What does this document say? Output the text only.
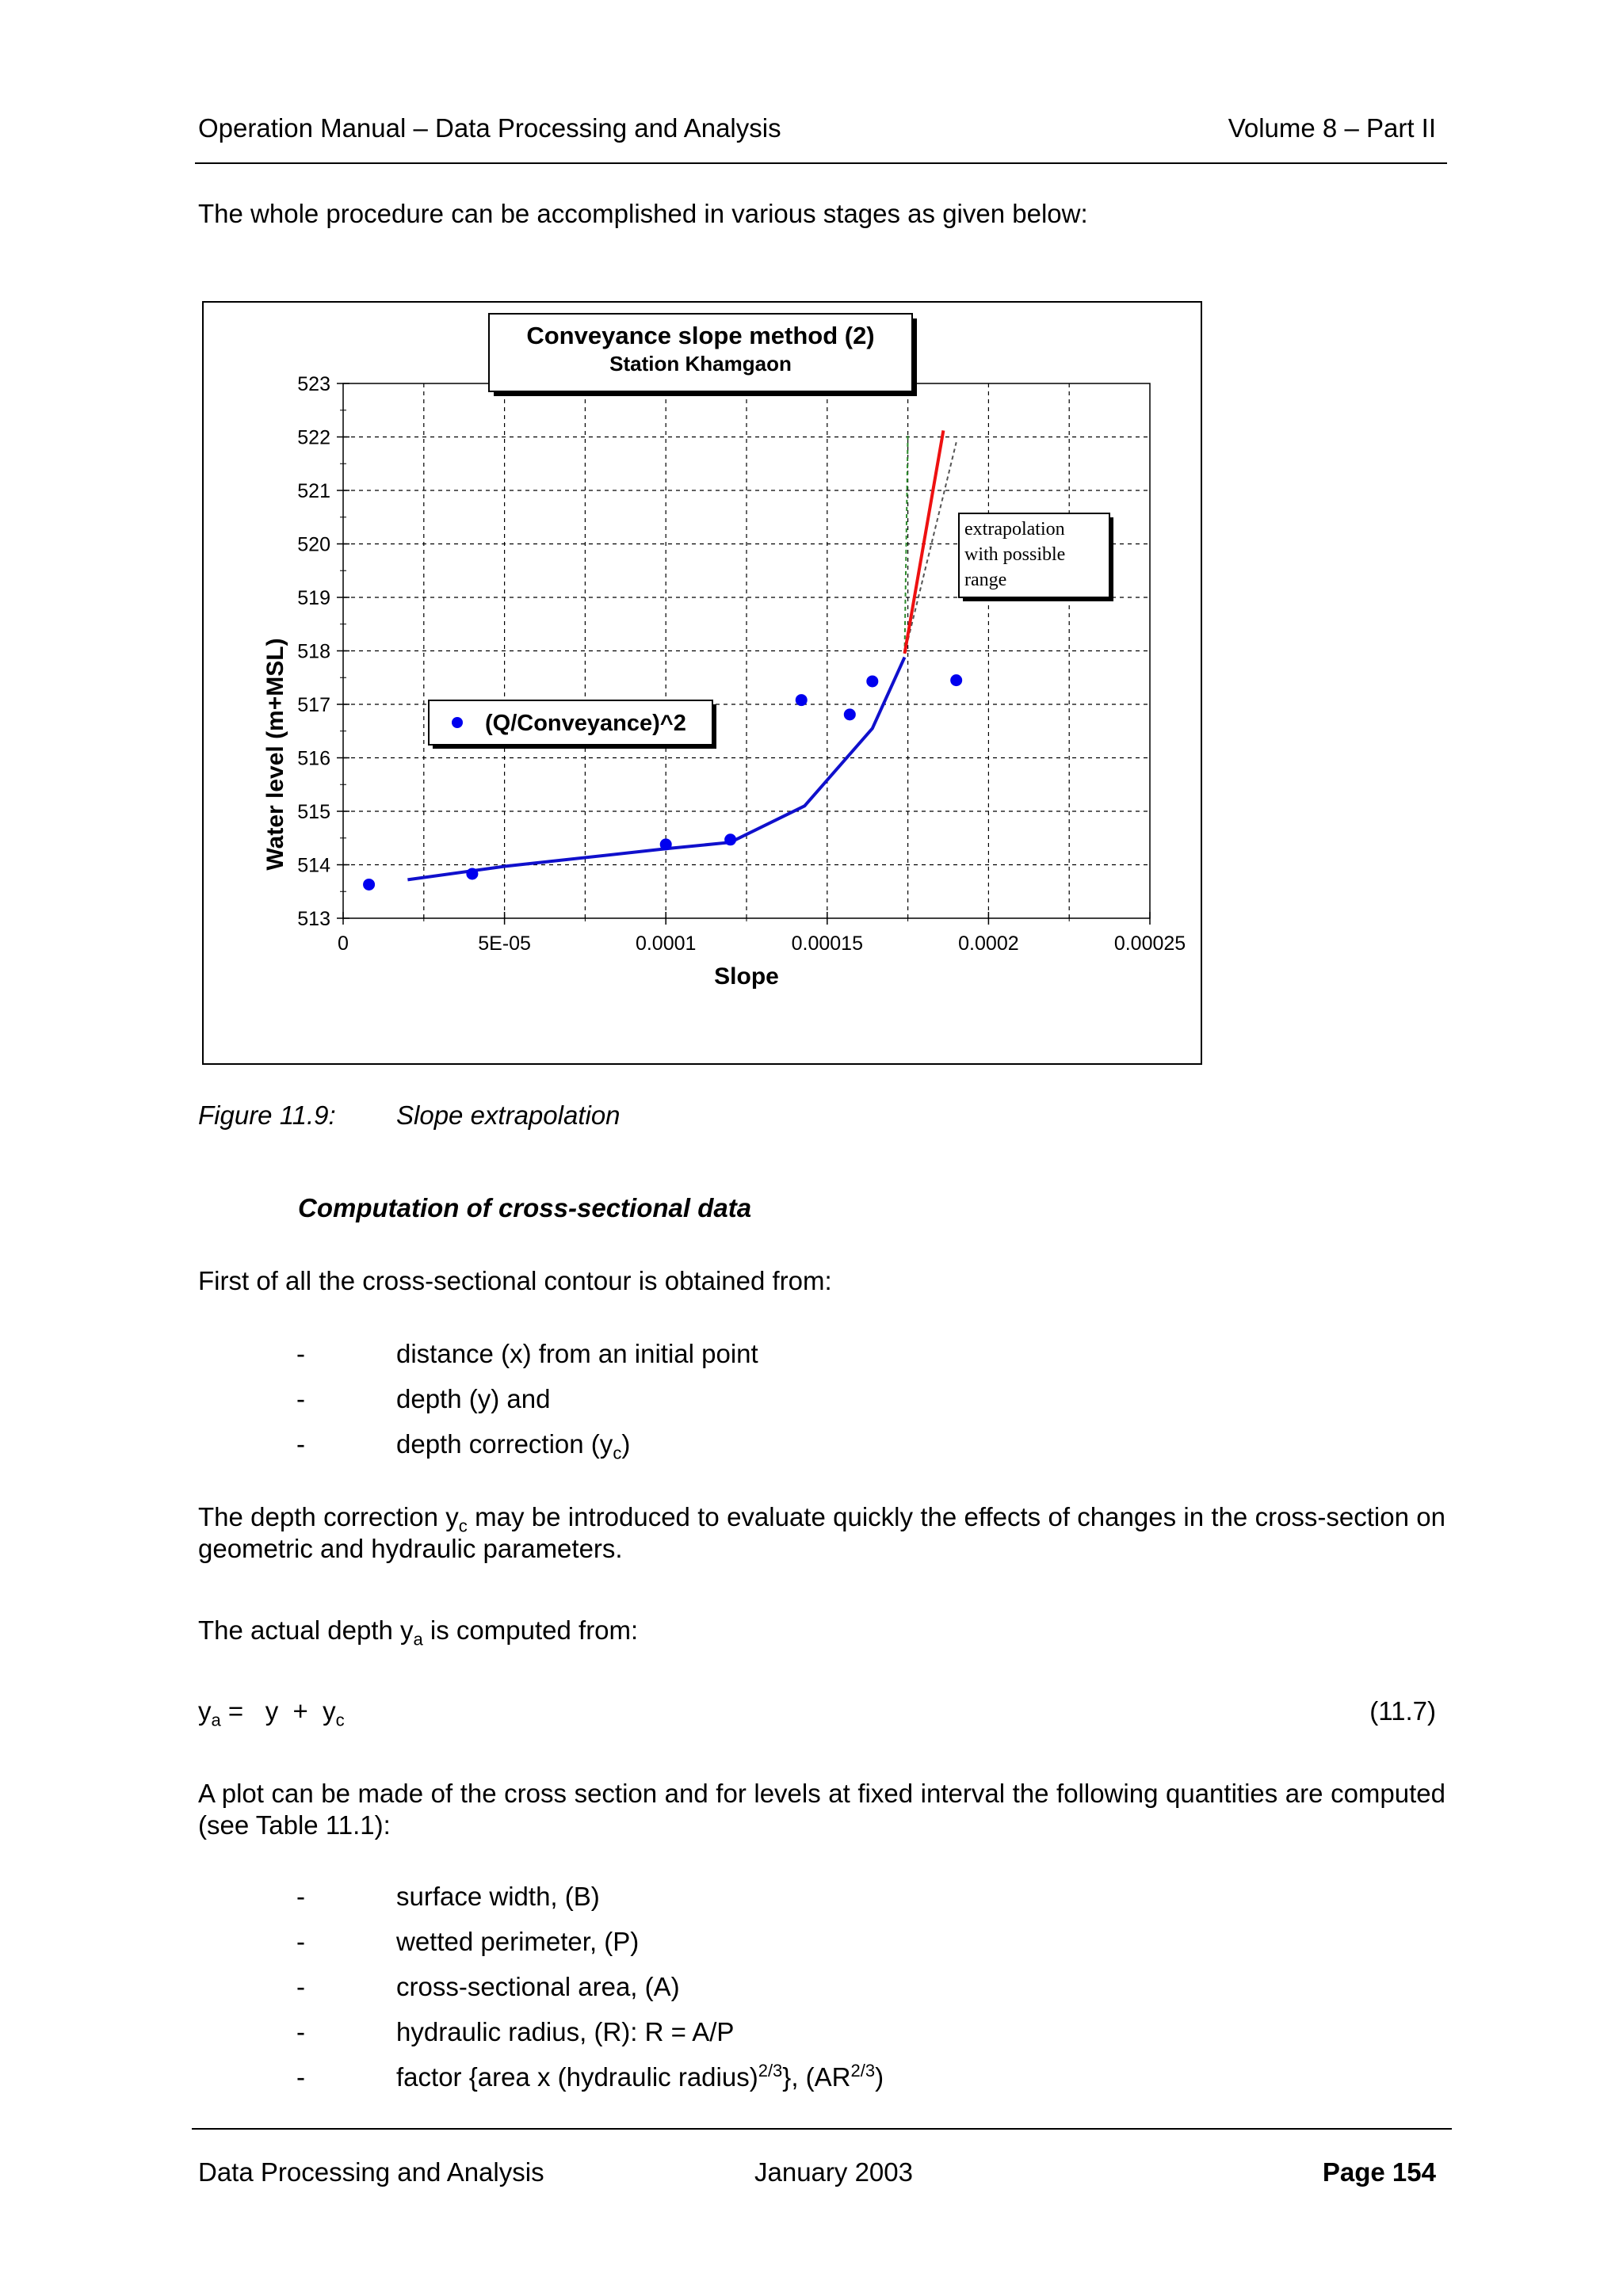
Operation Manual – Data Processing and Analysis	Volume 8 – Part II
The whole procedure can be accomplished in various stages as given below:
513
514
515
516
517
518
519
520
521
522
523
0	5E-05	0.0001	0.00015	0.0002	0.00025
Conveyance slope method (2)
Station Khamgaon
(Q/Conveyance)^2
extrapolation
with possible
range
Slope
Water level (m+MSL)
Figure 11.9: Slope extrapolation
Computation of cross-sectional data
First of all the cross-sectional contour is obtained from:
-	distance (x) from an initial point
-	depth (y) and
-	depth correction $(y_c)$
The depth correction $y_c$ may be introduced to evaluate quickly the effects of changes in the cross-section on geometric and hydraulic parameters.
The actual depth $y_a$ is computed from:
$y_a = y + y_c$	(11.7)
A plot can be made of the cross section and for levels at fixed interval the following quantities are computed (see Table 11.1):
-	surface width, (B)
-	wetted perimeter, (P)
-	cross-sectional area, (A)
-	hydraulic radius, (R): R = A/P
-	factor {area x (hydraulic radius)$^{2/3}$}, $(AR^{2/3})$
Data Processing and Analysis	January 2003	Page 154
